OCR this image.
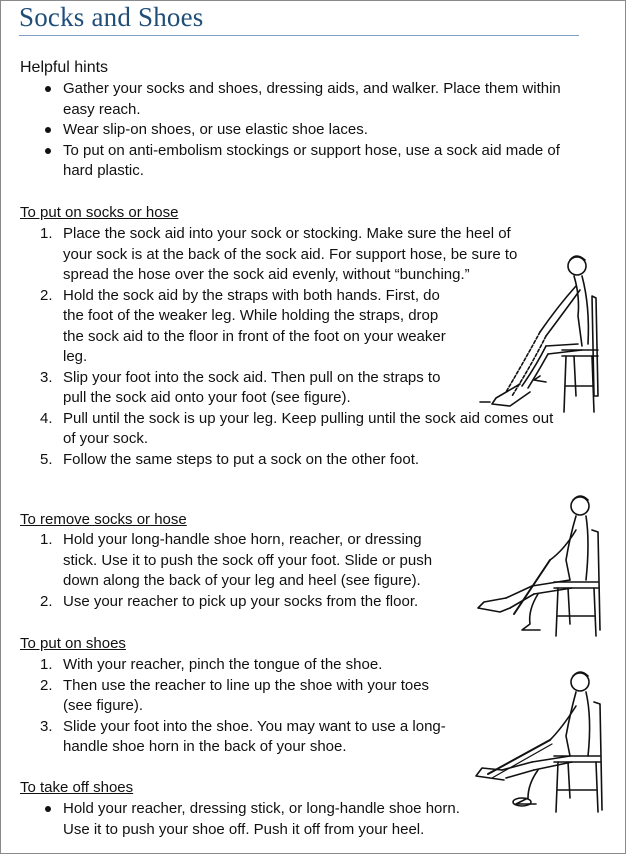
Socks and Shoes

Helpful hints

Gather your socks and shoes, dressing aids, and walker. Place them within easy reach.
Wear slip-on shoes, or use elastic shoe laces.
To put on anti-embolism stockings or support hose, use a sock aid made of hard plastic.

To put on socks or hose

1. Place the sock aid into your sock or stocking. Make sure the heel of your sock is at the back of the sock aid. For support hose, be sure to spread the hose over the sock aid evenly, without “bunching.”
2. Hold the sock aid by the straps with both hands. First, do the foot of the weaker leg. While holding the straps, drop the sock aid to the floor in front of the foot on your weaker leg.
3. Slip your foot into the sock aid. Then pull on the straps to pull the sock aid onto your foot (see figure).
4. Pull until the sock is up your leg. Keep pulling until the sock aid comes out of your sock.
5. Follow the same steps to put a sock on the other foot.

To remove socks or hose

1. Hold your long-handle shoe horn, reacher, or dressing stick. Use it to push the sock off your foot. Slide or push down along the back of your leg and heel (see figure).
2. Use your reacher to pick up your socks from the floor.

To put on shoes

1. With your reacher, pinch the tongue of the shoe.
2. Then use the reacher to line up the shoe with your toes (see figure).
3. Slide your foot into the shoe. You may want to use a long-handle shoe horn in the back of your shoe.

To take off shoes

Hold your reacher, dressing stick, or long-handle shoe horn. Use it to push your shoe off. Push it off from your heel.
